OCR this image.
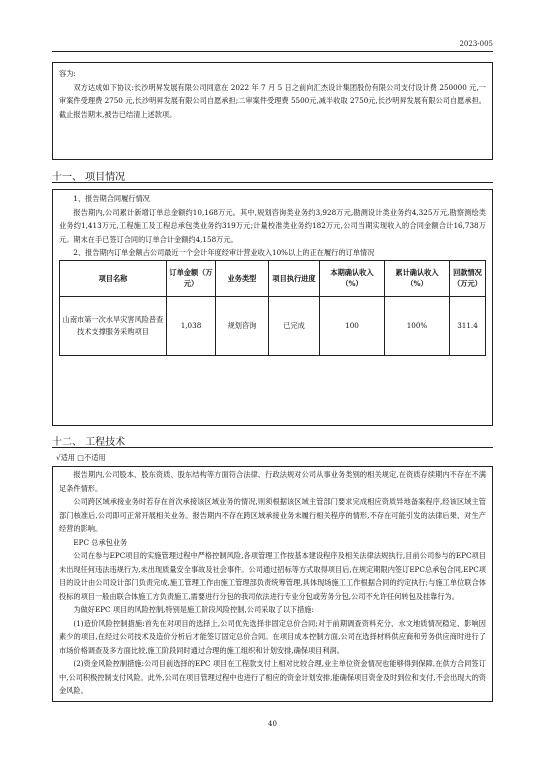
2023-005

容为:

双方达成如下协议:长沙明昇发展有限公司同意在 2022 年 7 月 5 日之前向汇杰设计集团股份有限公司支付设计费 250000 元,一审案件受理费 2750 元,长沙明昇发展有限公司自愿承担;二审案件受理费 5500元,减半收取 2750元,长沙明昇发展有限公司自愿承担。截止报告期末,被告已结清上述款项。

十一、 项目情况

1、报告期合同履行情况

报告期内,公司累计新增订单总金额约10,168万元。其中,规划咨询类业务约3,928万元,勘测设计类业务约4,325万元,勘察测绘类业务约1,413万元,工程施工及工程总承包类业务约319万元;计量校准类业务约182万元,公司当期实现收入的合同金额合计16,738万元。期末在手已签订合同的订单合计金额约4,158万元。

2、报告期内订单金额占公司最近一个会计年度经审计营业收入10%以上的正在履行的订单情况

项目名称	订单金额（万元）	业务类型	项目执行进度	本期确认收入（%）	累计确认收入（%）	回款情况（万元）
山南市第一次水旱灾害风险普查技术支撑服务采购项目	1,038	规划咨询	已完成	100	100%	311.4
十二、 工程技术

√适用 □不适用

报告期内,公司股本、股东资质、股东结构等方面符合法律、行政法规对公司从事业务类别的相关规定,在资质存续期内不存在不满足条件情形。

公司跨区域承接业务时若存在首次承接该区域业务的情况,则须根据该区域主管部门要求完成相应资质异地备案程序,经该区域主管部门核准后,公司即可正常开展相关业务。报告期内不存在跨区域承接业务未履行相关程序的情形,不存在可能引发的法律后果、对生产经营的影响。

EPC 总承包业务

公司在参与EPC项目的实施管理过程中严格控制风险,各项管理工作按基本建设程序及相关法律法规执行,目前公司参与的EPC项目未出现任何违法违规行为,未出现质量安全事故及社会事件。公司通过招标等方式取得项目后,在规定期限内签订EPC总承包合同,EPC项目的设计由公司设计部门负责完成,施工管理工作由施工管理部负责统筹管理,具体现场施工工作根据合同的约定执行;与施工单位联合体投标的项目一般由联合体施工方负责施工,需要进行分包的我司依法进行专业分包或劳务分包,公司不允许任何转包及挂靠行为。

为做好EPC 项目的风险控制,特别是施工阶段风险控制,公司采取了以下措施:

(1)造价风险控制措施:首先在对项目的选择上,公司优先选择非固定总价合同;对于前期调查资料充分、水文地质情况稳定、影响因素少的项目,在经过公司技术及造价分析后才能签订固定总价合同。在项目成本控制方面,公司在选择材料供应商和劳务供应商时进行了市场价格调查及多方面比较,施工阶段同时通过合理的施工组织和计划安排,确保项目利润。

(2)资金风险控制措施:公司目前选择的EPC 项目在工程款支付上相对比较合理,业主单位资金情况也能够得到保障,在供方合同签订中,公司积极控制支付风险。此外,公司在项目管理过程中也进行了相应的资金计划安排,能确保项目资金及时到位和支付,不会出现大的资金风险。

40
